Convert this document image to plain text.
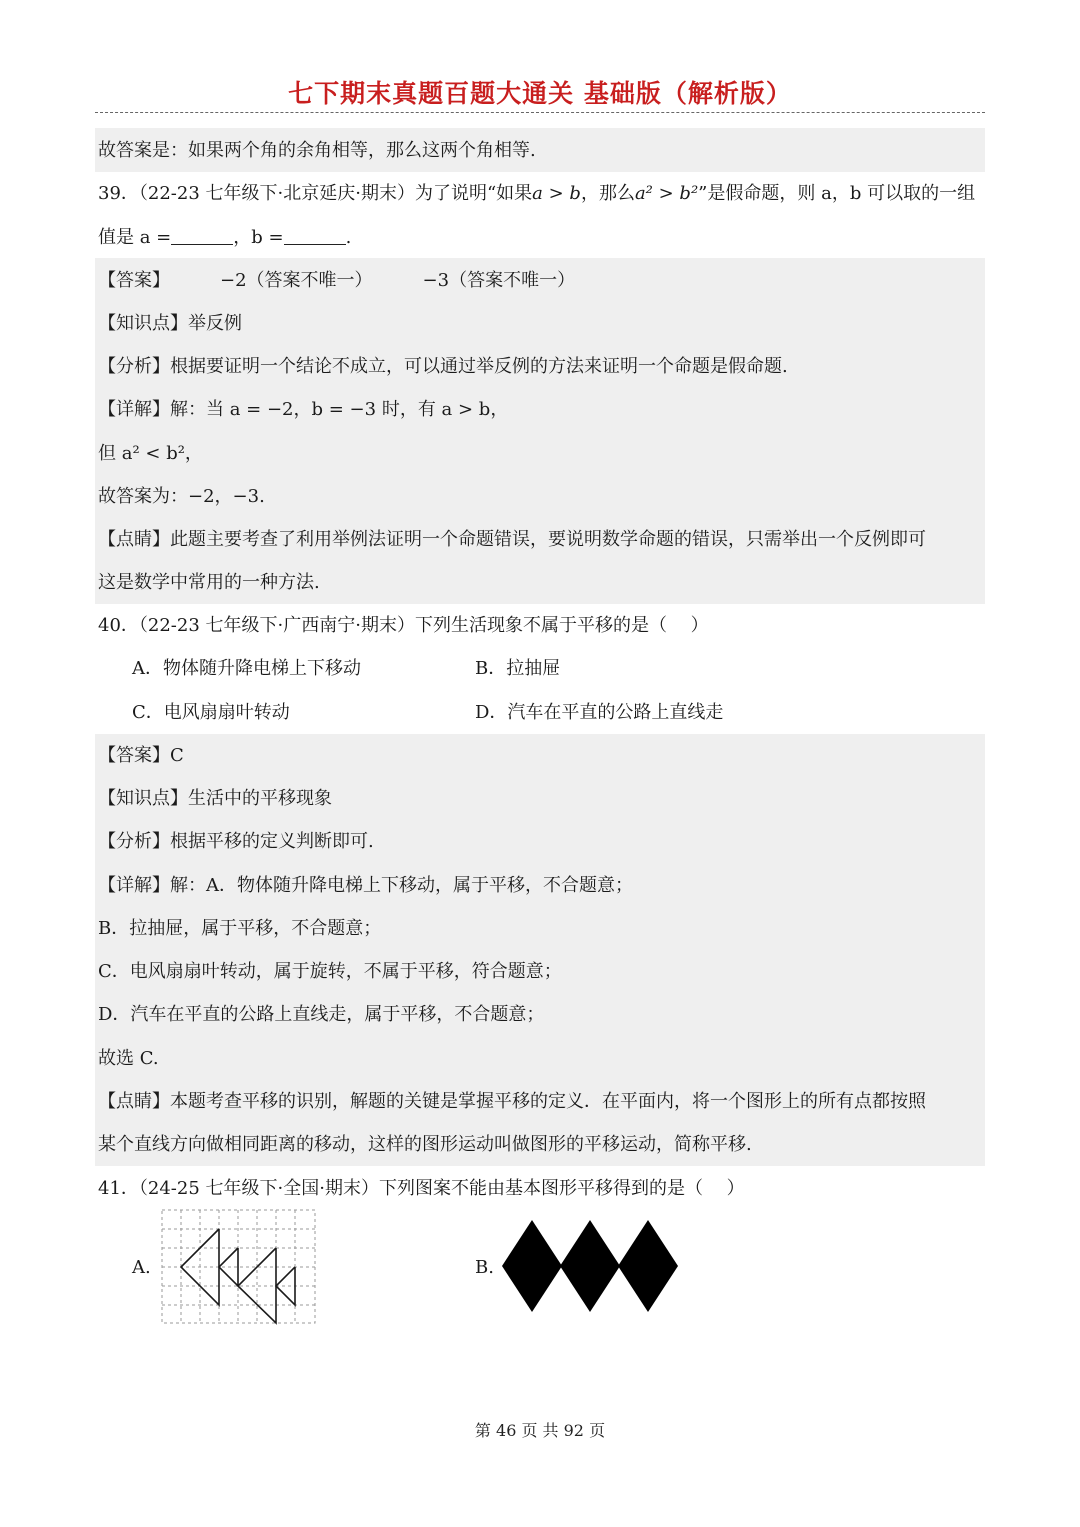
七下期末真题百题大通关 基础版（解析版）
故答案是：如果两个角的余角相等，那么这两个角相等.
39．（22-23 七年级下·北京延庆·期末）为了说明“如果a > b，那么a² > b²”是假命题，则 a，b 可以取的一组
值是 a =	，b =	.
【答案】	−2（答案不唯一）	−3（答案不唯一）
【知识点】举反例
【分析】根据要证明一个结论不成立，可以通过举反例的方法来证明一个命题是假命题.
【详解】解：当 a = −2，b = −3 时，有 a > b，
但 a² < b²，
故答案为：−2，−3.
【点睛】此题主要考查了利用举例法证明一个命题错误，要说明数学命题的错误，只需举出一个反例即可
这是数学中常用的一种方法.
40．（22-23 七年级下·广西南宁·期末）下列生活现象不属于平移的是（　 ）
A．物体随升降电梯上下移动	B．拉抽屉
C．电风扇扇叶转动	D．汽车在平直的公路上直线走
【答案】C
【知识点】生活中的平移现象
【分析】根据平移的定义判断即可.
【详解】解：A．物体随升降电梯上下移动，属于平移，不合题意；
B．拉抽屉，属于平移，不合题意；
C．电风扇扇叶转动，属于旋转，不属于平移，符合题意；
D．汽车在平直的公路上直线走，属于平移，不合题意；
故选 C.
【点睛】本题考查平移的识别，解题的关键是掌握平移的定义．在平面内，将一个图形上的所有点都按照
某个直线方向做相同距离的移动，这样的图形运动叫做图形的平移运动，简称平移.
41．（24-25 七年级下·全国·期末）下列图案不能由基本图形平移得到的是（　 ）
A.	B.
第 46 页 共 92 页
